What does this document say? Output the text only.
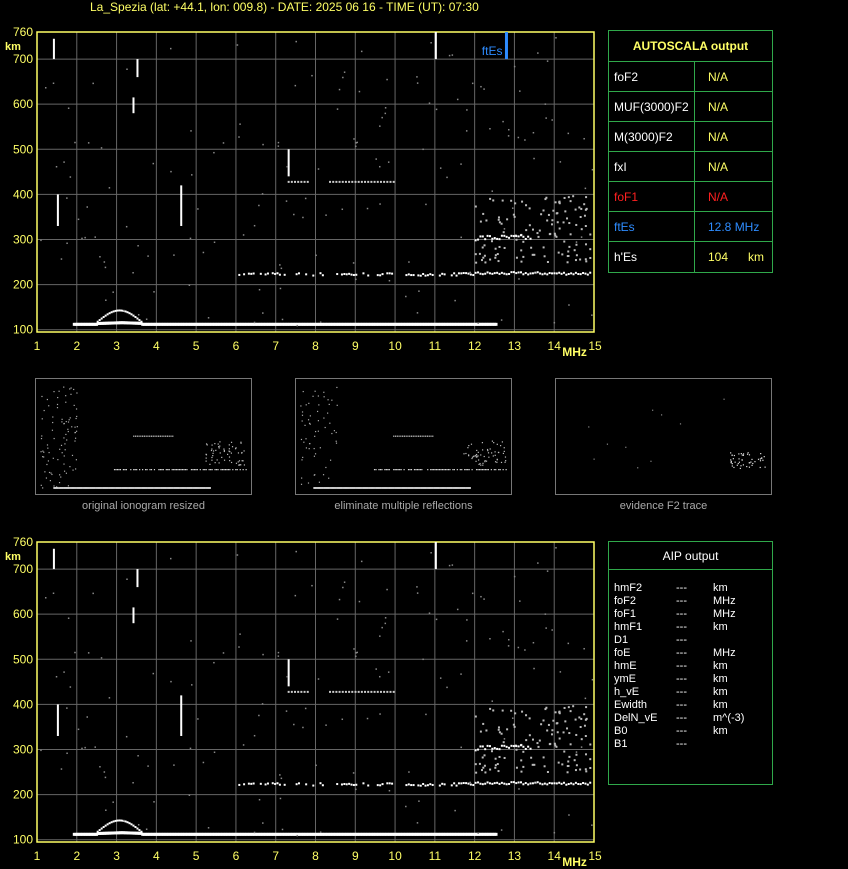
La_Spezia (lat: +44.1, lon: 009.8) - DATE: 2025 06 16 - TIME (UT): 07:30
1	2	3	4	5	6	7	8	9 10 11 12 13 14 15
MHz
100
200
300
400
500
600
700
760
km	ftEs	AUTOSCALA output
foF2	N/A
MUF(3000)F2 N/A
M(3000)F2	N/A
fxI	N/A
foF1	N/A
ftEs	12.8 MHz
h'Es	104      km
original ionogram resized	eliminate multiple reflections	evidence F2 trace
1	2	3	4	5	6	7	8	9 10 11 12 13 14 15
MHz
100
200
300
400
500
600
700
760
km	AIP output
hmF2	--- km
foF2	--- MHz
foF1	--- MHz
hmF1	--- km
D1	---
foE	--- MHz
hmE	--- km
ymE	--- km
h_vE	--- km
Ewidth	--- km
DelN_vE --- m^(-3)
B0	--- km
B1	---
